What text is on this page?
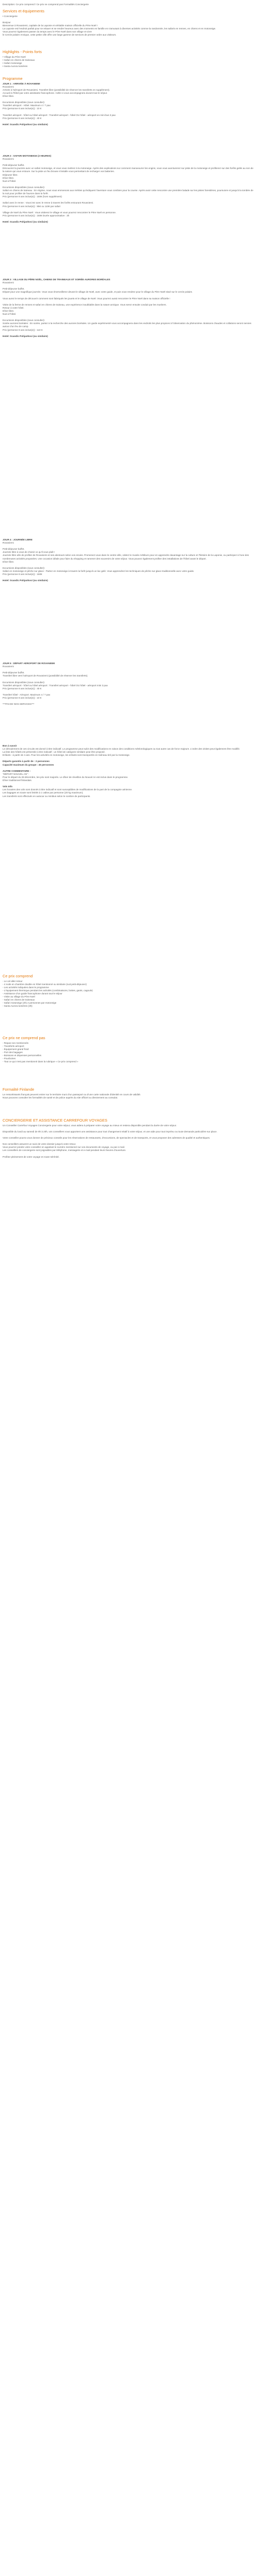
Description: Ce prix comprend / Ce prix ne comprend pas Formalités Conciergerie

Services et équipements

• Conciergerie

Bonjour

Bienvenue à Rovaniemi, capitale de la Laponie et véritable maison officielle du Père Noël !

La Laponie est l'endroit parfait pour se relaxer et se rendre heureux avec des moments en famille en s'amusant à diverses activités comme la randonnée, les safaris en rennes, en chiens et en motoneige.

Vous pourrez également passer du temps avec le Père Noël dans son village et vivre

le Cercle polaire Arctique, cette petite ville offre une large gamme de services de premier ordre aux visiteurs.

Highlights - Points forts

• Village du Père Noël

• Safari en chiens de traineaux

• Safari motoneige

• Santa Aurora lumières

Programme

JOUR 1 : ARRIVÉE À ROVANIEMI

Rovaniemi

Arrivée à l'aéroport de Rovaniemi. Transfert libre (possibilité de réserver les transferts en supplément).

Accueil à l'hôtel par votre assistante francophone. Celle-ci vous accompagnera durant tout le séjour.

Dîner libre.

Excursions disponibles (sous consulter):

Transfert aéroport - Hôtel. Maximum 4 / 7 pax

Prix (personne 8 ans inclus(e)) : 10 €

Transfert aéroport - hôtel ou hôtel aéroport : Transfert aéroport - hôtel OU hôtel - aéroport en mini bus 3 pax

Prix (personne 8 ans inclus(e)) : 40 €

Hotel: Scandic Pohjanhovi (ou similaire)

JOUR 2 : SAFARI MOTONEIGE (2 HEURES)

Rovaniemi

Petit-déjeuner buffet.

Découvrez la journée avec un safari motoneige, et vous vous mettrez à la motoneige. Après des explications sur comment manoeuvrer les engins, vous vous aventurerez sur piste de la motoneige et profiterez sur des forêts gelés au son de la nature qui vous entoure. Sur la piste un feu brouse s'installe vous permettant de recharger vos batteries.

Déjeuner libre.

Dîner libre.

Nuit à l'hôtel.

Excursions disponibles (sous consulter):

Safari en chiens de traineau : En régime, nous vous emmenons aux mérites qu'indiquent l'aventure vous combien pour la course. Après avoir cette rencontre une première balade sur les pistes forestières, poursuivre et jusqu'à la tombée de la nuit pour profiter de l'aurore dans la forêt.

Prix (personne 8 ans inclus(e)) : 160€ (hors supplément)

Safari avec le renne : Vous irez avec le renne à travers les forêts entourant Rovaniemi.

Prix (personne 8 ans inclus(e)) : 95€ ou 110€ par safari

Village de Noël du Père Noël : Vous visiterez le village et vous pourrez rencontrer le Père Noël en personne.

Prix (personne 8 ans inclus(e)) : 160€ Durée approximative : 3h

Hotel: Scandic Pohjanhovi (ou similaire)

JOUR 3 : VILLAGE DU PÈRE NOËL, CHIENS DE TRAINEAUX ET SOIRÉE AURORES BORÉALES

Rovaniemi

Petit-déjeuner buffet.

Départ pour une magnifique journée. Vous vous émerveillerez devant le village de Noël, avec votre guide, et puis vous rendrez pour le village du Père Noël situé sur le cercle polaire.

Vous aurez le temps de découvrir comment sont fabriqués les jouets et le village de Noël. Vous pourrez aussi rencontrer le Père Noël dans sa maison officielle !

Visite de la ferme de rennes et safari en chiens de traineau, une expérience inoubliable dans la nature arctique. Vous serez ensuite conduit par les mushers.

Retour à votre hôtel.

Dîner libre.

Nuit à l'hôtel.

Excursions disponibles (sous consulter):

Soirée aurores boréales : En soirée, partez à la recherche des aurores boréales. Un guide expérimenté vous accompagnera dans les endroits les plus propices à l'observation du phénomène. Boissons chaudes et collations seront servies autour d'un feu de camp.

Prix (personne 8 ans inclus(e)) : 110 €

Hotel: Scandic Pohjanhovi (ou similaire)

JOUR 4 : JOURNÉE LIBRE

Rovaniemi

Petit-déjeuner buffet.

Journée libre à vous de choisir ce qu'il vous plaît !

Journée libre afin de profiter de Rovaniemi et ses alentours selon vos envies. Promenez-vous dans le centre-ville, visitez le musée Arktikum pour en apprendre davantage sur la culture et l'histoire de la Laponie, ou participez à l'une des nombreuses activités proposées. Une occasion idéale pour faire du shopping et ramener des souvenirs de votre séjour. Vous pouvez également profiter des installations de l'hôtel avant le départ.

Dîner libre.

Excursions disponibles (sous consulter):

Safari en motoneige et pêche sur glace : Partez en motoneige à travers la forêt jusqu'à un lac gelé. Vous apprendrez les techniques de pêche sur glace traditionnelle avec votre guide.

Prix (personne 8 ans inclus(e)) : 160€

Hotel: Scandic Pohjanhovi (ou similaire)

JOUR 5 : DÉPART AÉROPORT DE ROVANIEMI

Rovaniemi

Petit-déjeuner buffet.

Transfert libre vers l'aéroport de Rovaniemi (possibilité de réserver les transferts).

Excursions disponibles (sous consulter):

Transfert aéroport - hôtel ou hôtel aéroport : Transfert aéroport - hôtel OU hôtel - aéroport mini 3 pax

Prix (personne 8 ans inclus(e)) : 40 €

Transfert hôtel - Aéroport. Maximum 4 / 7 pax

Prix (personne 8 ans inclus(e)) : 10 €

***FIN DE NOS SERVICES***

Bon à savoir

Le déroulement de ces circuits est donné à titre indicatif. Le programme peut subir des modifications en raison des conditions météorologiques ou tout autre cas de force majeure. L'ordre des visites peut également être modifié.

La liste des hôtels est présentée à titre indicatif ; un hôtel de catégorie similaire peut être proposé.

Enfants : à partir de 4 ans. Pour les activités en motoneige, les enfants sont transportés en traîneau tiré par la motoneige.

Départs garantis à partir de : 2 personnes

Capacité maximum du groupe : 45 personnes

AUTRE COMMENTAIRE :

"DÉPART NOUVEL AN" :

Pour le départ du 28 décembre, les prix sont majorés. Le dîner de réveillon du Nouvel An est inclus dans le programme.

Dîner traditionnel finlandais.

Vols Info

Les horaires des vols sont donnés à titre indicatif et sont susceptibles de modifications de la part de la compagnie aérienne.

Les bagages en soute sont limités à 1 valise par personne (20 kg maximum).

Les transferts sont effectués en autocar ou minibus selon le nombre de participants.

Ce prix comprend

- Le vol aller-retour

- 4 nuits en chambre double en hôtel mentionné ou similaire (nuit petit-déjeuner)

- Les activités indiquées dans le programme

- L'équipement thermique pendant les activités (combinaisons, bottes, gants, cagoule)

- Assistance d'un guide francophone durant tout le séjour

- Visite au village du Père Noël

- Safari en chiens de traineaux

- Safari motoneige (2h) 2 personnes par motoneige

- Santa Aurora lumières (3h)

Ce prix ne comprend pas

- Repas non mentionnés

- Transferts aéroport

- Équipement grand froid

- Port des bagages

- Boissons et dépenses personnelles

- Pourboires

- Tout ce qui n'est pas mentionné dans la rubrique « Ce prix comprend »

Formalité Finlande

Le ressortissants français peuvent entrer sur le territoire muni d'un passeport ou d'une carte nationale d'identité en cours de validité.

Nous pouvons consulter les formalités de santé et de police auprès du site officiel ou directement au consulat.

CONCIERGERIE ET ASSISTANCE CARREFOUR VOYAGES

Un Conseiller Carrefour Voyages Conciergerie pour votre séjour, vous aidera à préparer votre voyage au mieux et restera disponible pendant la durée de votre séjour.

Disponible du lundi au samedi de 9h à 20h, vos conseillers vous apportent une assistance pour tout changement relatif à votre séjour, et une aide pour tout imprévu ou toute demande particulière sur place.

Votre conseiller pourra vous donner de précieux conseils pour les réservations de restaurants, d'excursions, de spectacles et de transports, et vous proposer des adresses de qualité et authentiques.

Nos conseillers assurent un suivi de votre dossier jusqu'à votre retour.

Vous pourrez joindre votre conseiller en appelant le numéro mentionné sur vos documents de voyage, ou par e-mail.

Les conseillers de conciergerie sont joignables par téléphone, messagerie et e-mail pendant leurs heures d'ouverture.

Profitez pleinement de votre voyage en toute sérénité.
